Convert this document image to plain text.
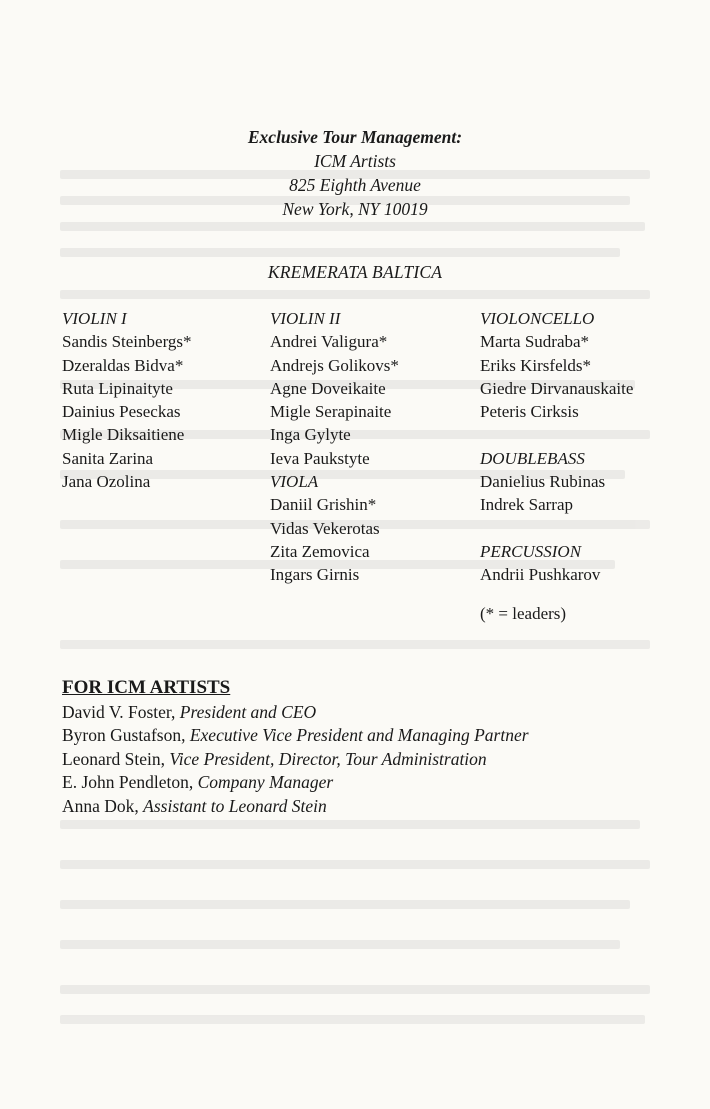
Exclusive Tour Management:
ICM Artists
825 Eighth Avenue
New York, NY 10019
KREMERATA BALTICA
VIOLIN I
Sandis Steinbergs*
Dzeraldas Bidva*
Ruta Lipinaityte
Dainius Peseckas
Migle Diksaitiene
Sanita Zarina
Jana Ozolina
VIOLIN II
Andrei Valigura*
Andrejs Golikovs*
Agne Doveikaite
Migle Serapinaite
Inga Gylyte
Ieva Paukstyte
VIOLA
Daniil Grishin*
Vidas Vekerotas
Zita Zemovica
Ingars Girnis
VIOLONCELLO
Marta Sudraba*
Eriks Kirsfelds*
Giedre Dirvanauskaite
Peteris Cirksis
DOUBLEBASS
Danielius Rubinas
Indrek Sarrap
PERCUSSION
Andrii Pushkarov
(* = leaders)
FOR ICM ARTISTS
David V. Foster, President and CEO
Byron Gustafson, Executive Vice President and Managing Partner
Leonard Stein, Vice President, Director, Tour Administration
E. John Pendleton, Company Manager
Anna Dok, Assistant to Leonard Stein
